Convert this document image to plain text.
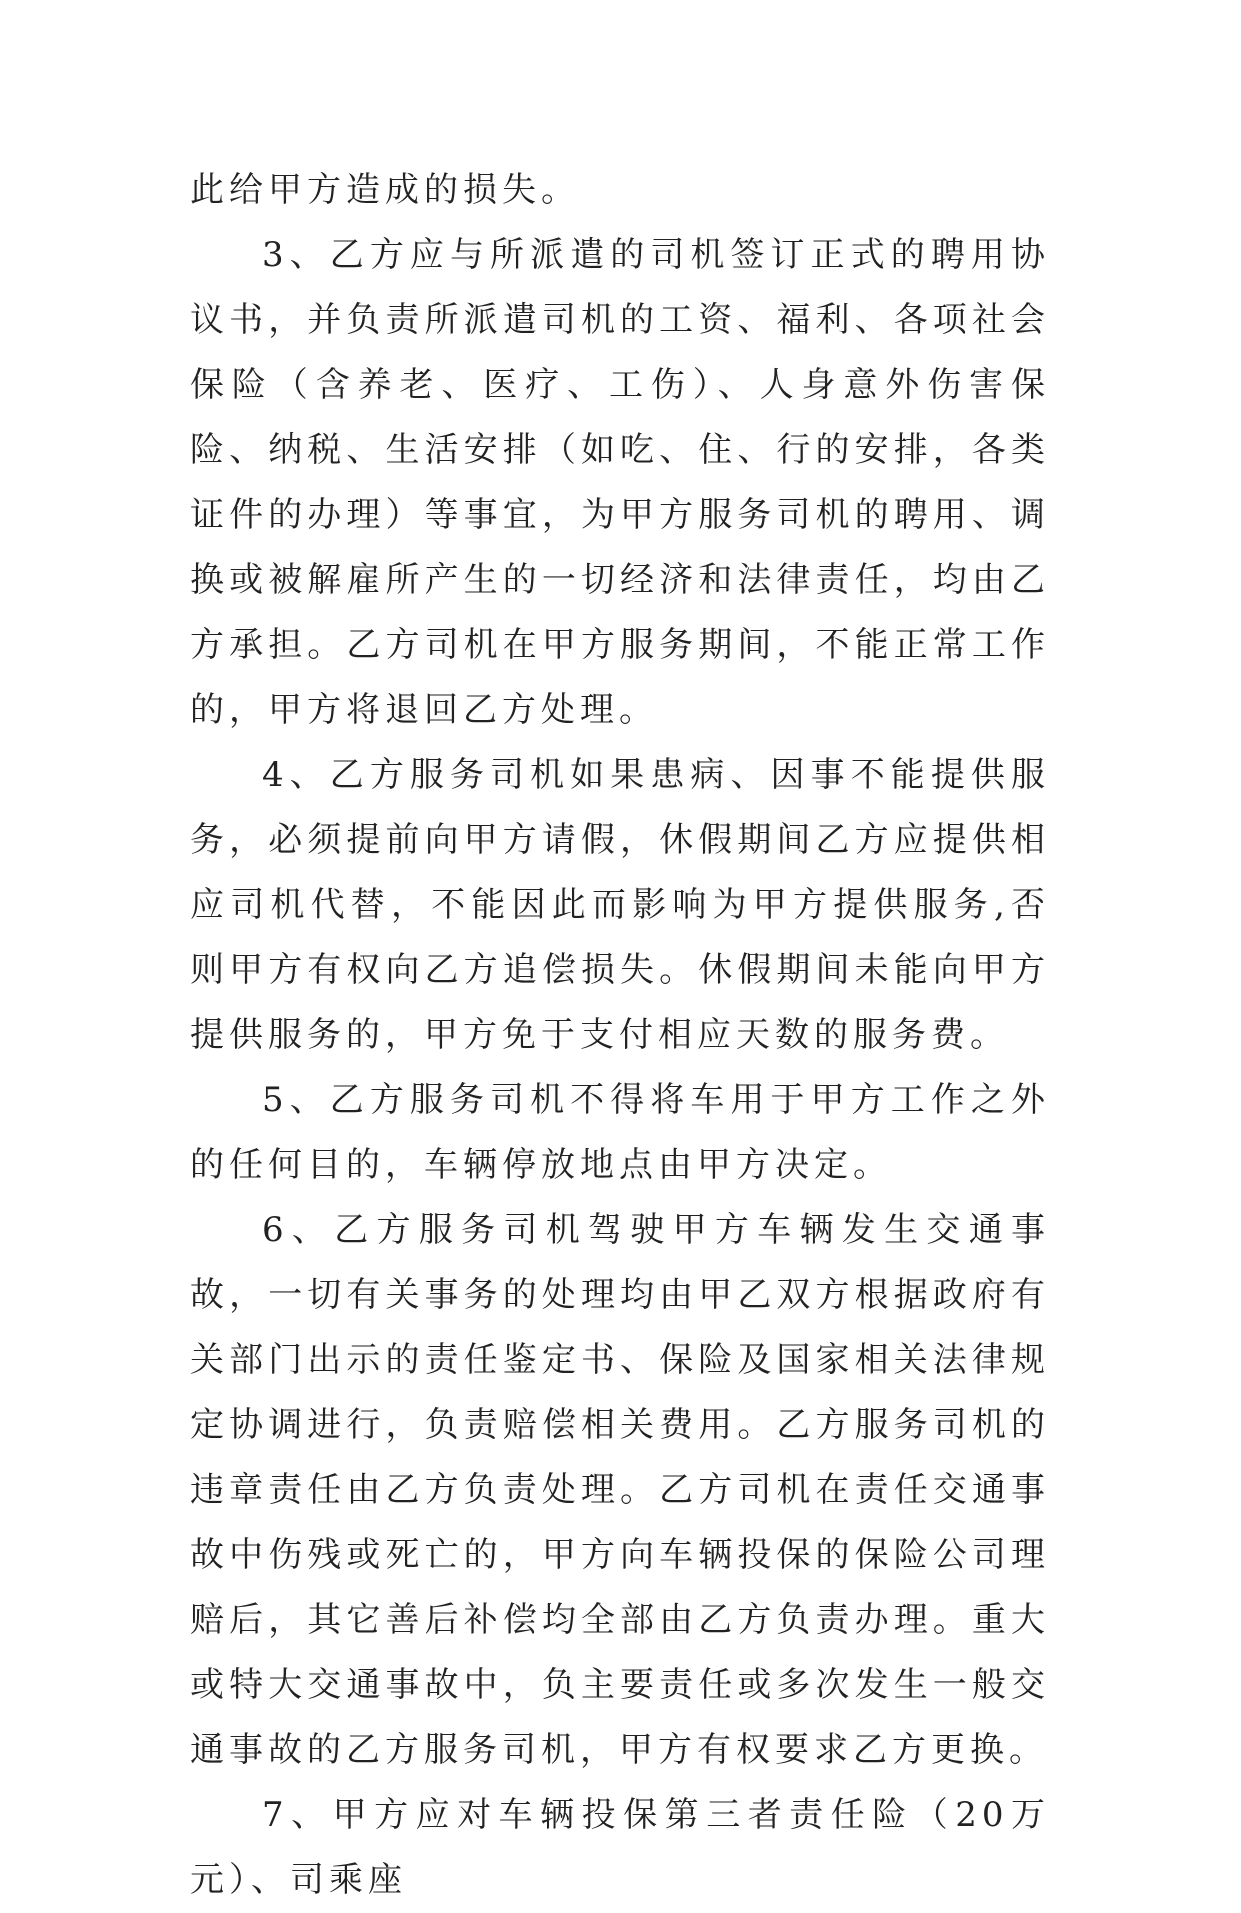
此给甲方造成的损失。

3、乙方应与所派遣的司机签订正式的聘用协议书，并负责所派遣司机的工资、福利、各项社会保险（含养老、医疗、工伤）、人身意外伤害保险、纳税、生活安排（如吃、住、行的安排，各类证件的办理）等事宜，为甲方服务司机的聘用、调换或被解雇所产生的一切经济和法律责任，均由乙方承担。乙方司机在甲方服务期间，不能正常工作的，甲方将退回乙方处理。

4、乙方服务司机如果患病、因事不能提供服务，必须提前向甲方请假，休假期间乙方应提供相应司机代替，不能因此而影响为甲方提供服务,否则甲方有权向乙方追偿损失。休假期间未能向甲方提供服务的，甲方免于支付相应天数的服务费。

5、乙方服务司机不得将车用于甲方工作之外的任何目的，车辆停放地点由甲方决定。

6、乙方服务司机驾驶甲方车辆发生交通事故，一切有关事务的处理均由甲乙双方根据政府有关部门出示的责任鉴定书、保险及国家相关法律规定协调进行，负责赔偿相关费用。乙方服务司机的违章责任由乙方负责处理。乙方司机在责任交通事故中伤残或死亡的，甲方向车辆投保的保险公司理赔后，其它善后补偿均全部由乙方负责办理。重大或特大交通事故中，负主要责任或多次发生一般交通事故的乙方服务司机，甲方有权要求乙方更换。

7、甲方应对车辆投保第三者责任险（20万元）、司乘座
